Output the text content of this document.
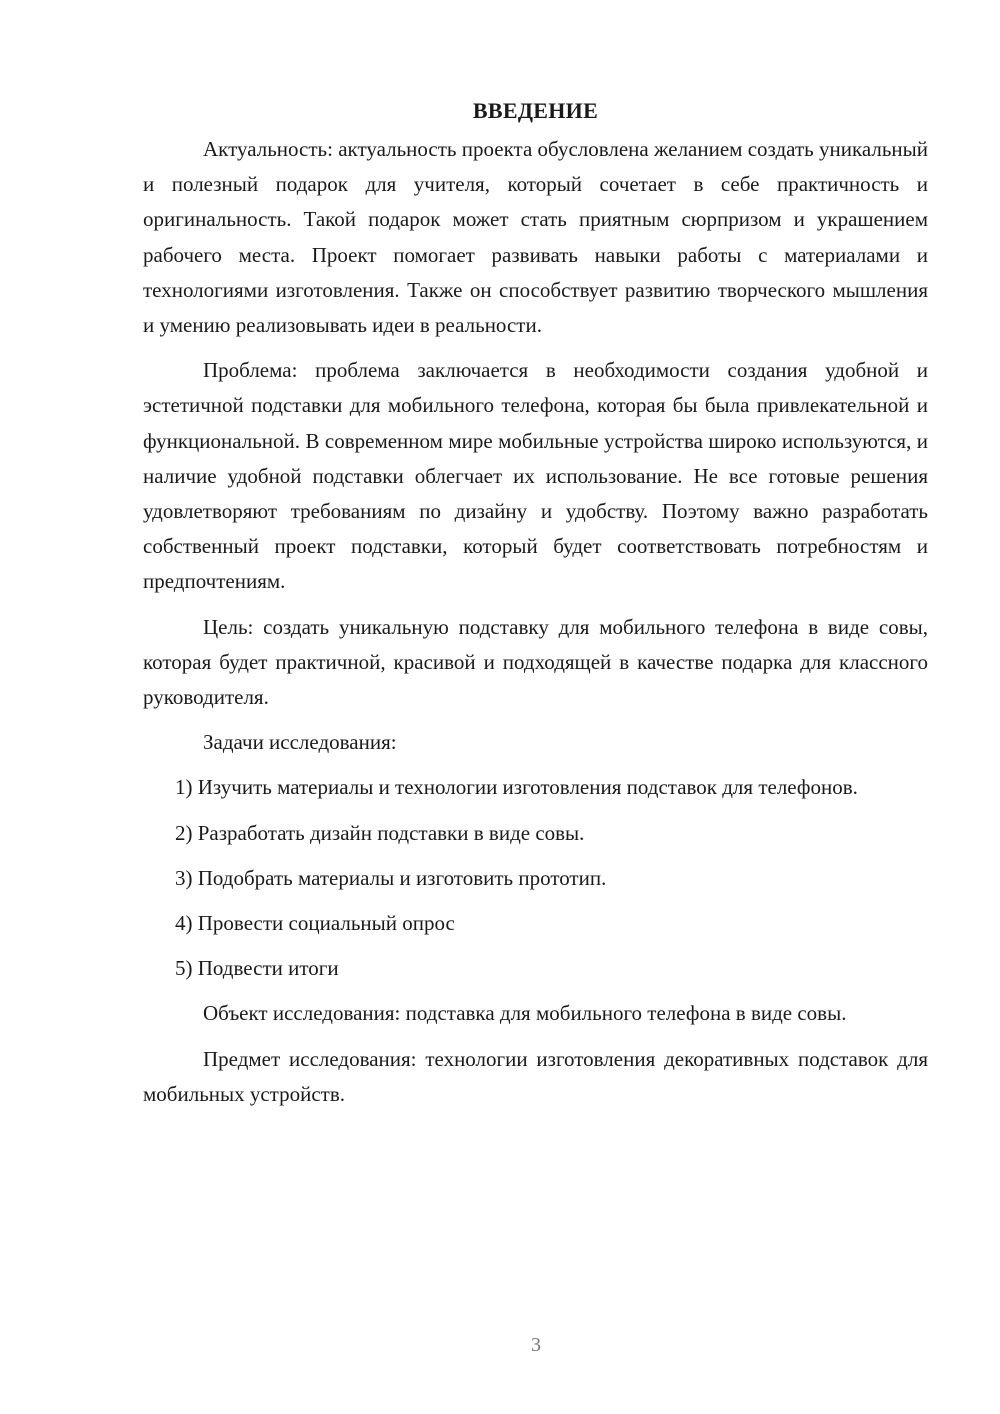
ВВЕДЕНИЕ

Актуальность: актуальность проекта обусловлена желанием создать уникальный и полезный подарок для учителя, который сочетает в себе практичность и оригинальность. Такой подарок может стать приятным сюрпризом и украшением рабочего места. Проект помогает развивать навыки работы с материалами и технологиями изготовления. Также он способствует развитию творческого мышления и умению реализовывать идеи в реальности.

Проблема: проблема заключается в необходимости создания удобной и эстетичной подставки для мобильного телефона, которая бы была привлекательной и функциональной. В современном мире мобильные устройства широко используются, и наличие удобной подставки облегчает их использование. Не все готовые решения удовлетворяют требованиям по дизайну и удобству. Поэтому важно разработать собственный проект подставки, который будет соответствовать потребностям и предпочтениям.

Цель: создать уникальную подставку для мобильного телефона в виде совы, которая будет практичной, красивой и подходящей в качестве подарка для классного руководителя.

Задачи исследования:

1) Изучить материалы и технологии изготовления подставок для телефонов.

2) Разработать дизайн подставки в виде совы.

3) Подобрать материалы и изготовить прототип.

4) Провести социальный опрос

5) Подвести итоги

Объект исследования: подставка для мобильного телефона в виде совы.

Предмет исследования: технологии изготовления декоративных подставок для мобильных устройств.

3
